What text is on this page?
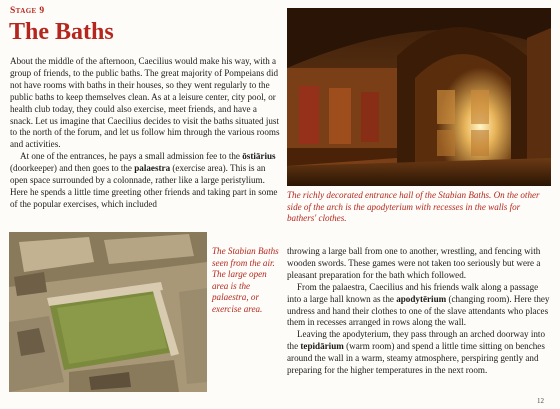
Stage 9
The Baths

About the middle of the afternoon, Caecilius would make his way, with a group of friends, to the public baths. The great majority of Pompeians did not have rooms with baths in their houses, so they went regularly to the public baths to keep themselves clean. As at a leisure center, city pool, or health club today, they could also exercise, meet friends, and have a snack. Let us imagine that Caecilius decides to visit the baths situated just to the north of the forum, and let us follow him through the various rooms and activities.

At one of the entrances, he pays a small admission fee to the ōstiārius (doorkeeper) and then goes to the palaestra (exercise area). This is an open space surrounded by a colonnade, rather like a large peristylium. Here he spends a little time greeting other friends and taking part in some of the popular exercises, which included

The richly decorated entrance hall of the Stabian Baths. On the other side of the arch is the apodyterium with recesses in the walls for bathers' clothes.
The Stabian Baths seen from the air. The large open area is the palaestra, or exercise area.

throwing a large ball from one to another, wrestling, and fencing with wooden swords. These games were not taken too seriously but were a pleasant preparation for the bath which followed.

From the palaestra, Caecilius and his friends walk along a passage into a large hall known as the apodytērium (changing room). Here they undress and hand their clothes to one of the slave attendants who places them in recesses arranged in rows along the wall.

Leaving the apodyterium, they pass through an arched doorway into the tepidārium (warm room) and spend a little time sitting on benches around the wall in a warm, steamy atmosphere, perspiring gently and preparing for the higher temperatures in the next room.

12
